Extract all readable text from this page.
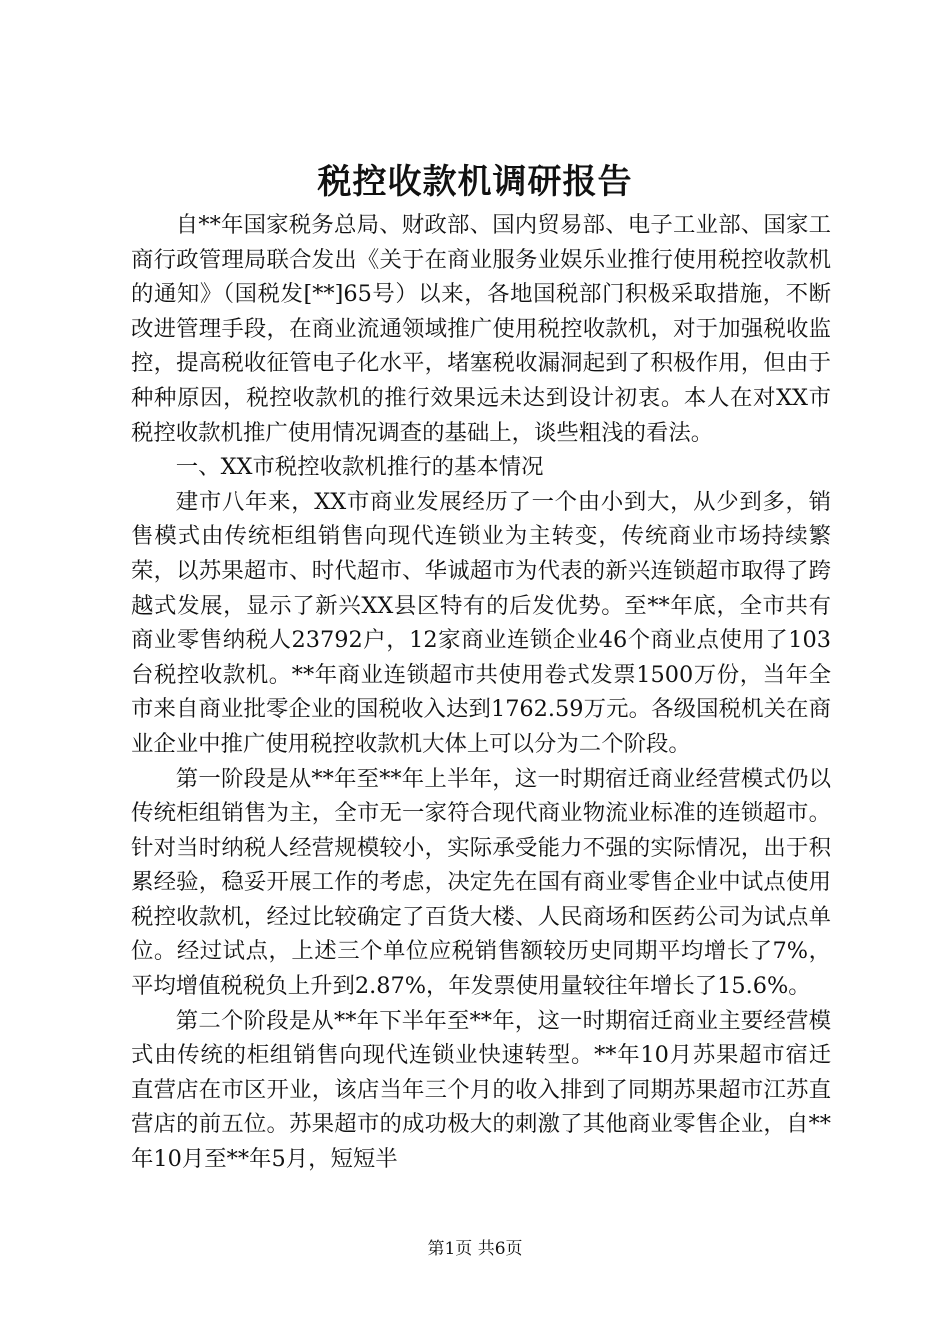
税控收款机调研报告

自**年国家税务总局、财政部、国内贸易部、电子工业部、国家工商行政管理局联合发出《关于在商业服务业娱乐业推行使用税控收款机的通知》（国税发[**]65号）以来，各地国税部门积极采取措施，不断改进管理手段，在商业流通领域推广使用税控收款机，对于加强税收监控，提高税收征管电子化水平，堵塞税收漏洞起到了积极作用，但由于种种原因，税控收款机的推行效果远未达到设计初衷。本人在对XX市税控收款机推广使用情况调查的基础上，谈些粗浅的看法。

一、XX市税控收款机推行的基本情况

建市八年来，XX市商业发展经历了一个由小到大，从少到多，销售模式由传统柜组销售向现代连锁业为主转变，传统商业市场持续繁荣，以苏果超市、时代超市、华诚超市为代表的新兴连锁超市取得了跨越式发展，显示了新兴XX县区特有的后发优势。至**年底，全市共有商业零售纳税人23792户，12家商业连锁企业46个商业点使用了103台税控收款机。**年商业连锁超市共使用卷式发票1500万份，当年全市来自商业批零企业的国税收入达到1762.59万元。各级国税机关在商业企业中推广使用税控收款机大体上可以分为二个阶段。

第一阶段是从**年至**年上半年，这一时期宿迁商业经营模式仍以传统柜组销售为主，全市无一家符合现代商业物流业标准的连锁超市。针对当时纳税人经营规模较小，实际承受能力不强的实际情况，出于积累经验，稳妥开展工作的考虑，决定先在国有商业零售企业中试点使用税控收款机，经过比较确定了百货大楼、人民商场和医药公司为试点单位。经过试点，上述三个单位应税销售额较历史同期平均增长了7%，平均增值税税负上升到2.87%，年发票使用量较往年增长了15.6%。

第二个阶段是从**年下半年至**年，这一时期宿迁商业主要经营模式由传统的柜组销售向现代连锁业快速转型。**年10月苏果超市宿迁直营店在市区开业，该店当年三个月的收入排到了同期苏果超市江苏直营店的前五位。苏果超市的成功极大的刺激了其他商业零售企业，自**年10月至**年5月，短短半

第1页 共6页
